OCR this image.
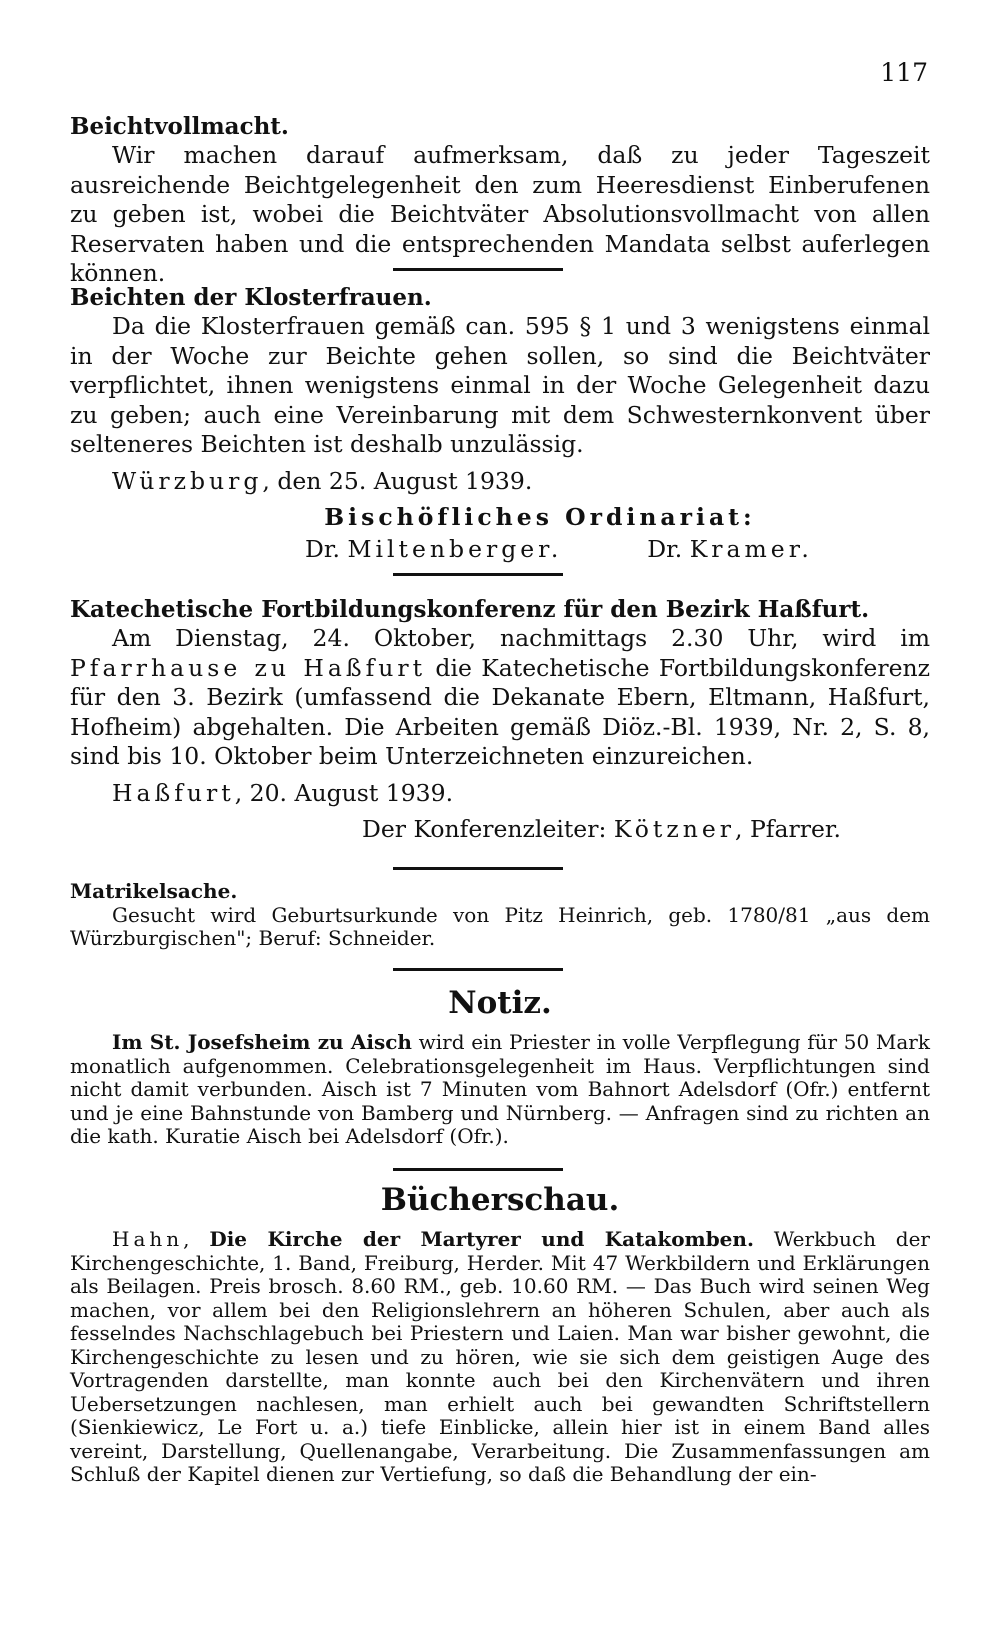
117

Beichtvollmacht.

Wir machen darauf aufmerksam, daß zu jeder Tageszeit ausreichende Beichtgelegenheit den zum Heeresdienst Einberufenen zu geben ist, wobei die Beichtväter Absolutionsvollmacht von allen Reservaten haben und die entsprechenden Mandata selbst auferlegen können.

Beichten der Klosterfrauen.

Da die Klosterfrauen gemäß can. 595 § 1 und 3 wenigstens einmal in der Woche zur Beichte gehen sollen, so sind die Beichtväter verpflichtet, ihnen wenigstens einmal in der Woche Gelegenheit dazu zu geben; auch eine Vereinbarung mit dem Schwesternkonvent über selteneres Beichten ist deshalb unzulässig.

Würzburg, den 25. August 1939.

Bischöfliches Ordinariat:

Dr. Miltenberger.	Dr. Kramer.

Katechetische Fortbildungskonferenz für den Bezirk Haßfurt.

Am Dienstag, 24. Oktober, nachmittags 2.30 Uhr, wird im Pfarrhause zu Haßfurt die Katechetische Fortbildungskonferenz für den 3. Bezirk (umfassend die Dekanate Ebern, Eltmann, Haßfurt, Hofheim) abgehalten. Die Arbeiten gemäß Diöz.-Bl. 1939, Nr. 2, S. 8, sind bis 10. Oktober beim Unterzeichneten einzureichen.

Haßfurt, 20. August 1939.

Der Konferenzleiter: Kötzner, Pfarrer.

Matrikelsache.

Gesucht wird Geburtsurkunde von Pitz Heinrich, geb. 1780/81 „aus dem Würzburgischen"; Beruf: Schneider.

Notiz.

Im St. Josefsheim zu Aisch wird ein Priester in volle Verpflegung für 50 Mark monatlich aufgenommen. Celebrationsgelegenheit im Haus. Verpflichtungen sind nicht damit verbunden. Aisch ist 7 Minuten vom Bahnort Adelsdorf (Ofr.) entfernt und je eine Bahnstunde von Bamberg und Nürnberg. — Anfragen sind zu richten an die kath. Kuratie Aisch bei Adelsdorf (Ofr.).

Bücherschau.

Hahn, Die Kirche der Martyrer und Katakomben. Werkbuch der Kirchengeschichte, 1. Band, Freiburg, Herder. Mit 47 Werkbildern und Erklärungen als Beilagen. Preis brosch. 8.60 RM., geb. 10.60 RM. — Das Buch wird seinen Weg machen, vor allem bei den Religionslehrern an höheren Schulen, aber auch als fesselndes Nachschlagebuch bei Priestern und Laien. Man war bisher gewohnt, die Kirchengeschichte zu lesen und zu hören, wie sie sich dem geistigen Auge des Vortragenden darstellte, man konnte auch bei den Kirchenvätern und ihren Uebersetzungen nachlesen, man erhielt auch bei gewandten Schriftstellern (Sienkiewicz, Le Fort u. a.) tiefe Einblicke, allein hier ist in einem Band alles vereint, Darstellung, Quellenangabe, Verarbeitung. Die Zusammenfassungen am Schluß der Kapitel dienen zur Vertiefung, so daß die Behandlung der ein-
